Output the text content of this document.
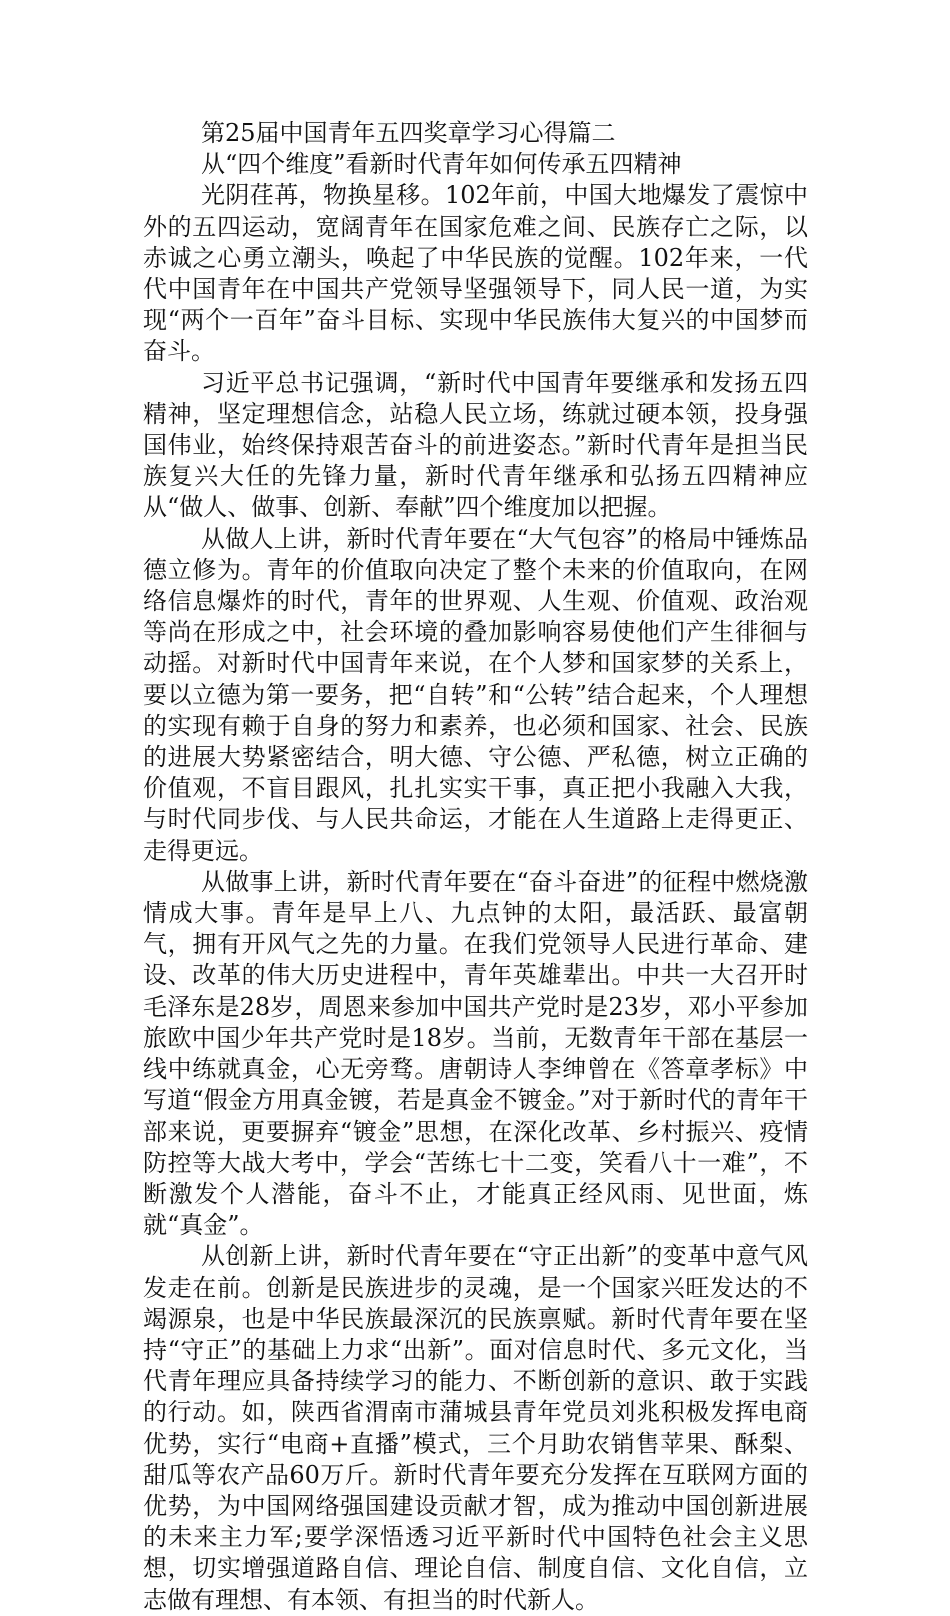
第25届中国青年五四奖章学习心得篇二
从“四个维度”看新时代青年如何传承五四精神

光阴荏苒，物换星移。102年前，中国大地爆发了震惊中外的五四运动，宽阔青年在国家危难之间、民族存亡之际，以赤诚之心勇立潮头，唤起了中华民族的觉醒。102年来，一代代中国青年在中国共产党领导坚强领导下，同人民一道，为实现“两个一百年”奋斗目标、实现中华民族伟大复兴的中国梦而奋斗。

习近平总书记强调，“新时代中国青年要继承和发扬五四精神，坚定理想信念，站稳人民立场，练就过硬本领，投身强国伟业，始终保持艰苦奋斗的前进姿态。”新时代青年是担当民族复兴大任的先锋力量，新时代青年继承和弘扬五四精神应从“做人、做事、创新、奉献”四个维度加以把握。

从做人上讲，新时代青年要在“大气包容”的格局中锤炼品德立修为。青年的价值取向决定了整个未来的价值取向，在网络信息爆炸的时代，青年的世界观、人生观、价值观、政治观等尚在形成之中，社会环境的叠加影响容易使他们产生徘徊与动摇。对新时代中国青年来说，在个人梦和国家梦的关系上，要以立德为第一要务，把“自转”和“公转”结合起来，个人理想的实现有赖于自身的努力和素养，也必须和国家、社会、民族的进展大势紧密结合，明大德、守公德、严私德，树立正确的价值观，不盲目跟风，扎扎实实干事，真正把小我融入大我，与时代同步伐、与人民共命运，才能在人生道路上走得更正、走得更远。

从做事上讲，新时代青年要在“奋斗奋进”的征程中燃烧激情成大事。青年是早上八、九点钟的太阳，最活跃、最富朝气，拥有开风气之先的力量。在我们党领导人民进行革命、建设、改革的伟大历史进程中，青年英雄辈出。中共一大召开时毛泽东是28岁，周恩来参加中国共产党时是23岁，邓小平参加旅欧中国少年共产党时是18岁。当前，无数青年干部在基层一线中练就真金，心无旁骛。唐朝诗人李绅曾在《答章孝标》中写道“假金方用真金镀，若是真金不镀金。”对于新时代的青年干部来说，更要摒弃“镀金”思想，在深化改革、乡村振兴、疫情防控等大战大考中，学会“苦练七十二变，笑看八十一难”，不断激发个人潜能，奋斗不止，才能真正经风雨、见世面，炼就“真金”。

从创新上讲，新时代青年要在“守正出新”的变革中意气风发走在前。创新是民族进步的灵魂，是一个国家兴旺发达的不竭源泉，也是中华民族最深沉的民族禀赋。新时代青年要在坚持“守正”的基础上力求“出新”。面对信息时代、多元文化，当代青年理应具备持续学习的能力、不断创新的意识、敢于实践的行动。如，陕西省渭南市蒲城县青年党员刘兆积极发挥电商优势，实行“电商+直播”模式，三个月助农销售苹果、酥梨、甜瓜等农产品60万斤。新时代青年要充分发挥在互联网方面的优势，为中国网络强国建设贡献才智，成为推动中国创新进展的未来主力军;要学深悟透习近平新时代中国特色社会主义思想，切实增强道路自信、理论自信、制度自信、文化自信，立志做有理想、有本领、有担当的时代新人。
